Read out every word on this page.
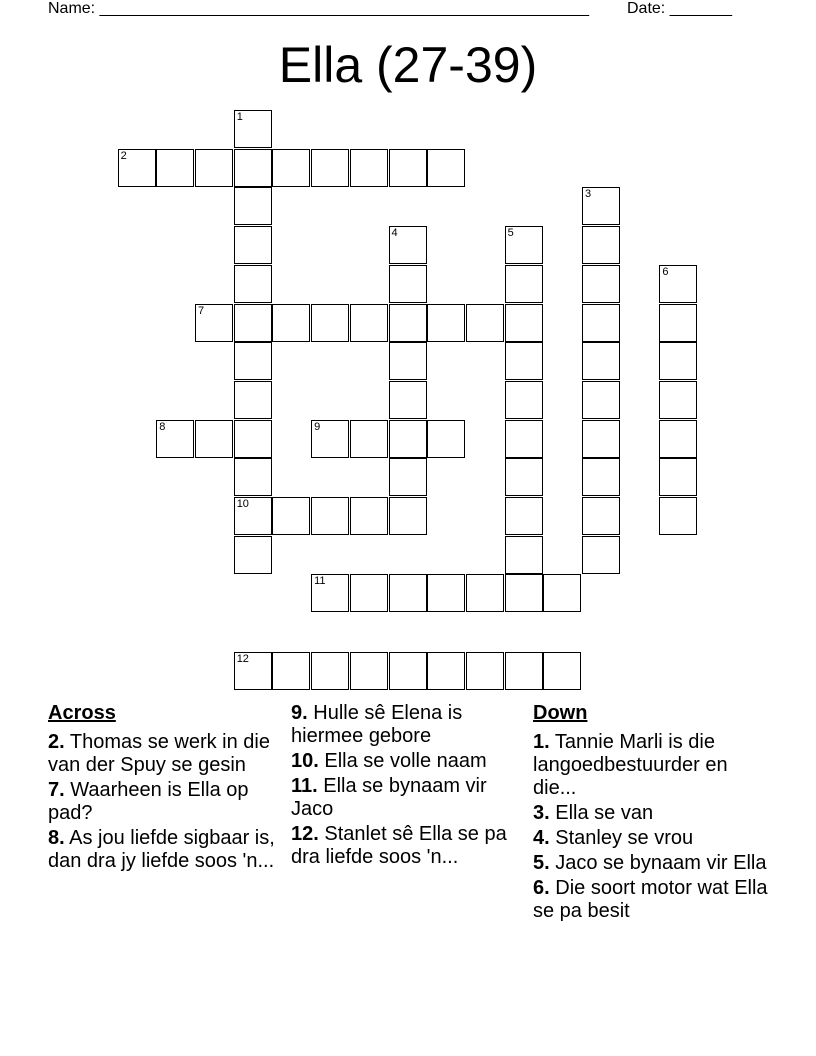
Name: _______________________________________________________ Date: _______
Ella (27-39)
1
2
3
4	5
6
7
8	9
10
11
12
Across
2. Thomas se werk in die van der Spuy se gesin
7. Waarheen is Ella op pad?
8. As jou liefde sigbaar is, dan dra jy liefde soos 'n...
9. Hulle sê Elena is hiermee gebore
10. Ella se volle naam
11. Ella se bynaam vir Jaco
12. Stanlet sê Ella se pa dra liefde soos 'n...
Down
1. Tannie Marli is die langoedbestuurder en die...
3. Ella se van
4. Stanley se vrou
5. Jaco se bynaam vir Ella
6. Die soort motor wat Ella se pa besit
